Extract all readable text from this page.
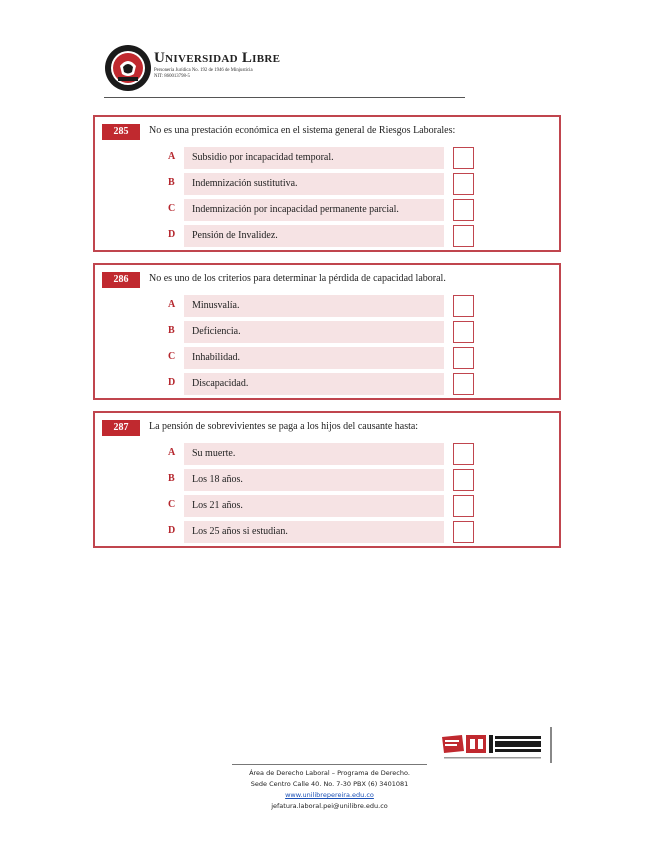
Universidad Libre
Personería Jurídica No. 192 de 1946 de Minjusticia
NIT: 860013798-5
285	No es una prestación económica en el sistema general de Riesgos Laborales:
A Subsidio por incapacidad temporal.
B Indemnización sustitutiva.
C Indemnización por incapacidad permanente parcial.
D Pensión de Invalidez.
286	No es uno de los criterios para determinar la pérdida de capacidad laboral.
A Minusvalía.
B Deficiencia.
C Inhabilidad.
D Discapacidad.
287	La pensión de sobrevivientes se paga a los hijos del causante hasta:
A Su muerte.
B Los 18 años.
C Los 21 años.
D Los 25 años si estudian.
Área de Derecho Laboral – Programa de Derecho.
Sede Centro Calle 40. No. 7-30 PBX (6) 3401081
www.unilibrepereira.edu.co
jefatura.laboral.pei@unilibre.edu.co
